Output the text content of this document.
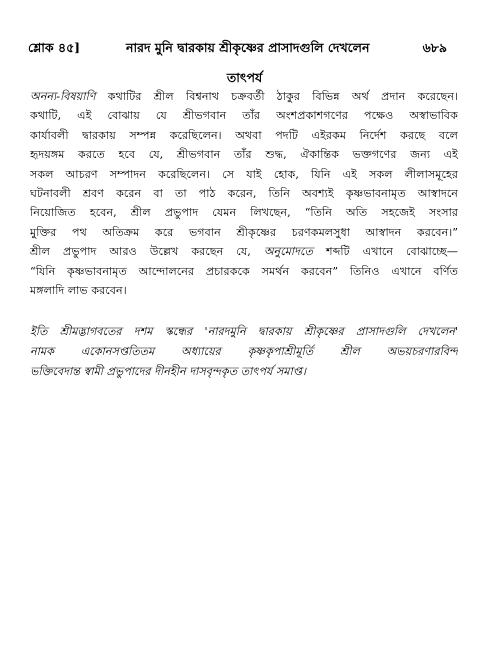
শ্লোক ৪৫]	নারদ মুনি দ্বারকায় শ্রীকৃষ্ণের প্রাসাদগুলি দেখলেন	৬৮৯
তাৎপর্য
অনন্য-বিষয়াণি কথাটির শ্রীল বিশ্বনাথ চক্রবর্তী ঠাকুর বিভিন্ন অর্থ প্রদান করেছেন।
কথাটি, এই বোঝায় যে শ্রীভগবান তাঁর অংশপ্রকাশগণের পক্ষেও অস্বাভাবিক
কার্যাবলী দ্বারকায় সম্পন্ন করেছিলেন। অথবা পদটি এইরকম নির্দেশ করছে বলে
হৃদয়ঙ্গম করতে হবে যে, শ্রীভগবান তাঁর শুদ্ধ, ঐকান্তিক ভক্তগণের জন্য এই
সকল আচরণ সম্পাদন করেছিলেন। সে যাই হোক, যিনি এই সকল লীলাসমূহের
ঘটনাবলী শ্রবণ করেন বা তা পাঠ করেন, তিনি অবশ্যই কৃষ্ণভাবনামৃত আস্বাদনে
নিয়োজিত হবেন, শ্রীল প্রভুপাদ যেমন লিখছেন, “তিনি অতি সহজেই সংসার
মুক্তির পথ অতিক্রম করে ভগবান শ্রীকৃষ্ণের চরণকমলসুধা আস্বাদন করবেন।”
শ্রীল প্রভুপাদ আরও উল্লেখ করছেন যে, অনুমোদতে শব্দটি এখানে বোঝাচ্ছে—
“যিনি কৃষ্ণভাবনামৃত আন্দোলনের প্রচারককে সমর্থন করবেন” তিনিও এখানে বর্ণিত
মঙ্গলাদি লাভ করবেন।
ইতি শ্রীমদ্ভাগবতের দশম স্কন্ধের 'নারদমুনি দ্বারকায় শ্রীকৃষ্ণের প্রাসাদগুলি দেখলেন'
নামক একোনসপ্ততিতম অধ্যায়ের কৃষ্ণকৃপাশ্রীমূর্তি শ্রীল অভয়চরণারবিন্দ
ভক্তিবেদান্ত স্বামী প্রভুপাদের দীনহীন দাসবৃন্দকৃত তাৎপর্য সমাপ্ত।
